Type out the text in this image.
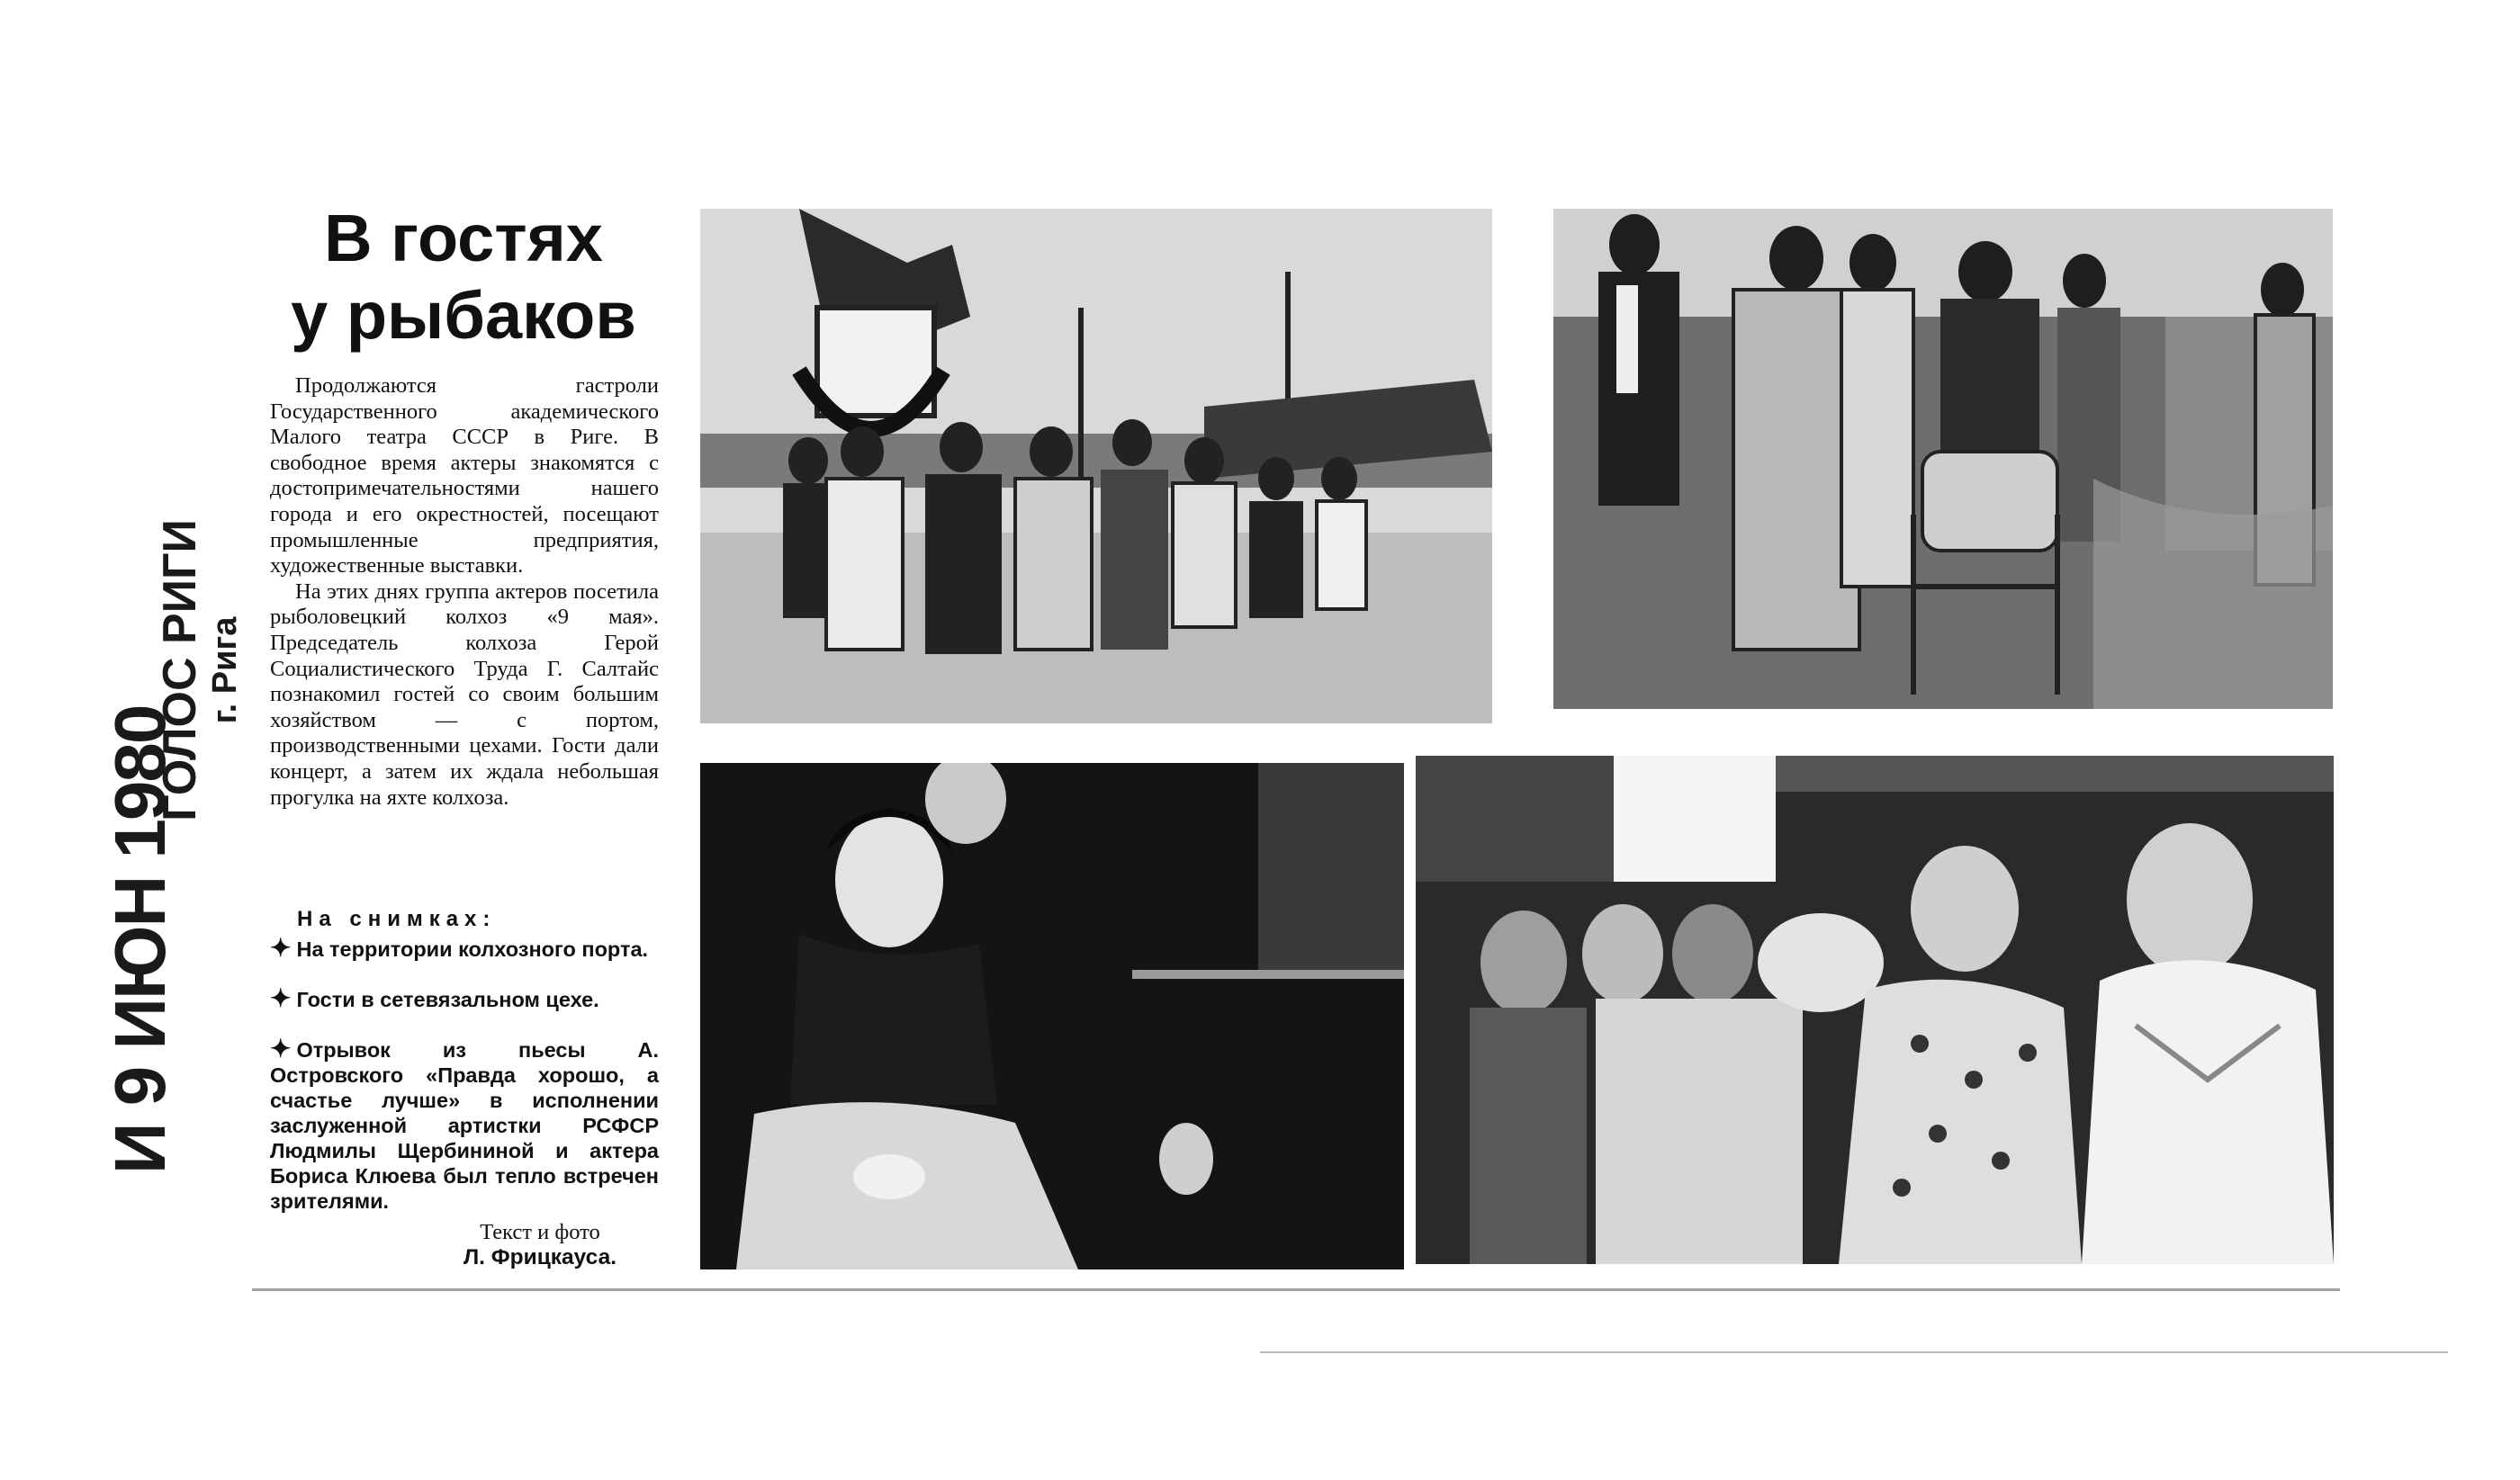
ГОЛОС РИГИ г. Рига
И 9 ИЮН 1980
В гостях
у рыбаков

Продолжаются гастроли Государственного академического Малого театра СССР в Риге. В свободное время актеры знакомятся с достопримечательностями нашего города и его окрестностей, посещают промышленные предприятия, художественные выставки.

На этих днях группа актеров посетила рыболовецкий колхоз «9 мая». Председатель колхоза Герой Социалистического Труда Г. Салтайс познакомил гостей со своим большим хозяйством — с портом, производственными цехами. Гости дали концерт, а затем их ждала небольшая прогулка на яхте колхоза.

На снимках:
✦ На территории колхозного порта.
✦ Гости в сетевязальном цехе.
✦ Отрывок из пьесы А. Островского «Правда хорошо, а счастье лучше» в исполнении заслуженной артистки РСФСР Людмилы Щербининой и актера Бориса Клюева был тепло встречен зрителями.
Текст и фото
Л. Фрицкауса.
